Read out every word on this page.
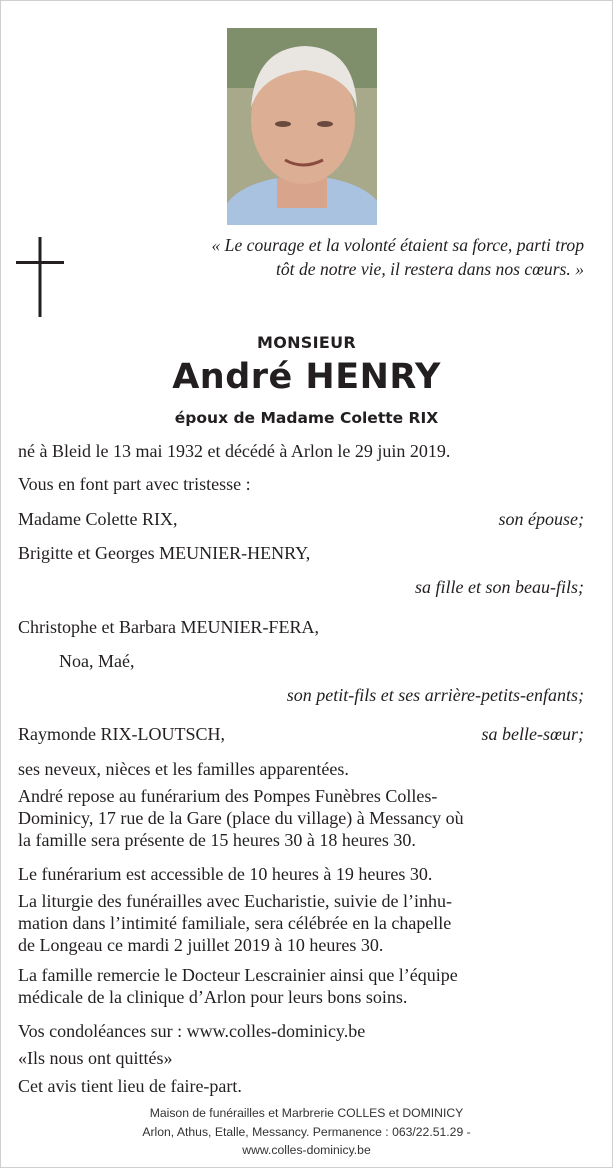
« Le courage et la volonté étaient sa force, parti trop
tôt de notre vie, il restera dans nos cœurs. »
MONSIEUR
André HENRY
époux de Madame Colette RIX
né à Bleid le 13 mai 1932 et décédé à Arlon le 29 juin 2019.
Vous en font part avec tristesse :
Madame Colette RIX,	son épouse;
Brigitte et Georges MEUNIER-HENRY,
sa fille et son beau-fils;
Christophe et Barbara MEUNIER-FERA,
Noa, Maé,
son petit-fils et ses arrière-petits-enfants;
Raymonde RIX-LOUTSCH,	sa belle-sœur;
ses neveux, nièces et les familles apparentées.
André repose au funérarium des Pompes Funèbres Colles-
Dominicy, 17 rue de la Gare (place du village) à Messancy où
la famille sera présente de 15 heures 30 à 18 heures 30.
Le funérarium est accessible de 10 heures à 19 heures 30.
La liturgie des funérailles avec Eucharistie, suivie de l’inhu-
mation dans l’intimité familiale, sera célébrée en la chapelle
de Longeau ce mardi 2 juillet 2019 à 10 heures 30.
La famille remercie le Docteur Lescrainier ainsi que l’équipe
médicale de la clinique d’Arlon pour leurs bons soins.
Vos condoléances sur : www.colles-dominicy.be
«Ils nous ont quittés»
Cet avis tient lieu de faire-part.
Maison de funérailles et Marbrerie COLLES et DOMINICY
Arlon, Athus, Etalle, Messancy. Permanence : 063/22.51.29 -
www.colles-dominicy.be
